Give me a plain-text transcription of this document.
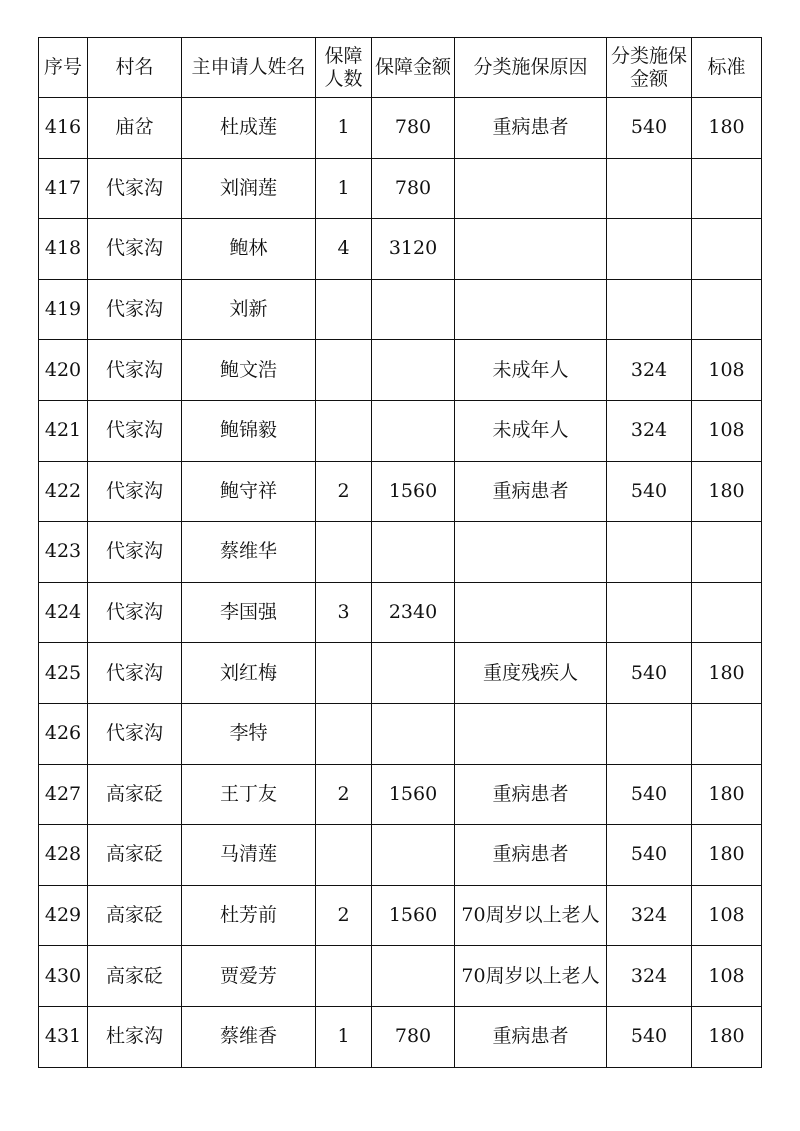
序号	村名	主申请人姓名	保障人数	保障金额	分类施保原因	分类施保金额	标准
416	庙岔	杜成莲	1	780	重病患者	540	180
417	代家沟	刘润莲	1	780			
418	代家沟	鲍林	4	3120			
419	代家沟	刘新					
420	代家沟	鲍文浩			未成年人	324	108
421	代家沟	鲍锦毅			未成年人	324	108
422	代家沟	鲍守祥	2	1560	重病患者	540	180
423	代家沟	蔡维华					
424	代家沟	李国强	3	2340			
425	代家沟	刘红梅			重度残疾人	540	180
426	代家沟	李特					
427	高家砭	王丁友	2	1560	重病患者	540	180
428	高家砭	马清莲			重病患者	540	180
429	高家砭	杜芳前	2	1560	70周岁以上老人	324	108
430	高家砭	贾爱芳			70周岁以上老人	324	108
431	杜家沟	蔡维香	1	780	重病患者	540	180
